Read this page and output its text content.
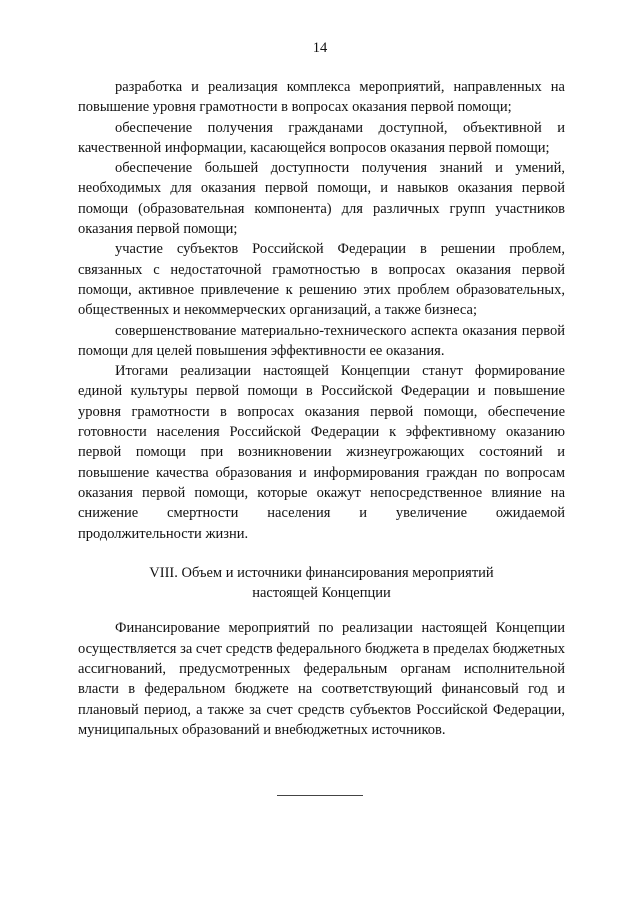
14

разработка и реализация комплекса мероприятий, направленных на повышение уровня грамотности в вопросах оказания первой помощи;

обеспечение получения гражданами доступной, объективной и качественной информации, касающейся вопросов оказания первой помощи;

обеспечение большей доступности получения знаний и умений, необходимых для оказания первой помощи, и навыков оказания первой помощи (образовательная компонента) для различных групп участников оказания первой помощи;

участие субъектов Российской Федерации в решении проблем, связанных с недостаточной грамотностью в вопросах оказания первой помощи, активное привлечение к решению этих проблем образовательных, общественных и некоммерческих организаций, а также бизнеса;

совершенствование материально-технического аспекта оказания первой помощи для целей повышения эффективности ее оказания.

Итогами реализации настоящей Концепции станут формирование единой культуры первой помощи в Российской Федерации и повышение уровня грамотности в вопросах оказания первой помощи, обеспечение готовности населения Российской Федерации к эффективному оказанию первой помощи при возникновении жизнеугрожающих состояний и повышение качества образования и информирования граждан по вопросам оказания первой помощи, которые окажут непосредственное влияние на снижение смертности населения и увеличение ожидаемой продолжительности жизни.

VIII. Объем и источники финансирования мероприятий
настоящей Концепции

Финансирование мероприятий по реализации настоящей Концепции осуществляется за счет средств федерального бюджета в пределах бюджетных ассигнований, предусмотренных федеральным органам исполнительной власти в федеральном бюджете на соответствующий финансовый год и плановый период, а также за счет средств субъектов Российской Федерации, муниципальных образований и внебюджетных источников.
